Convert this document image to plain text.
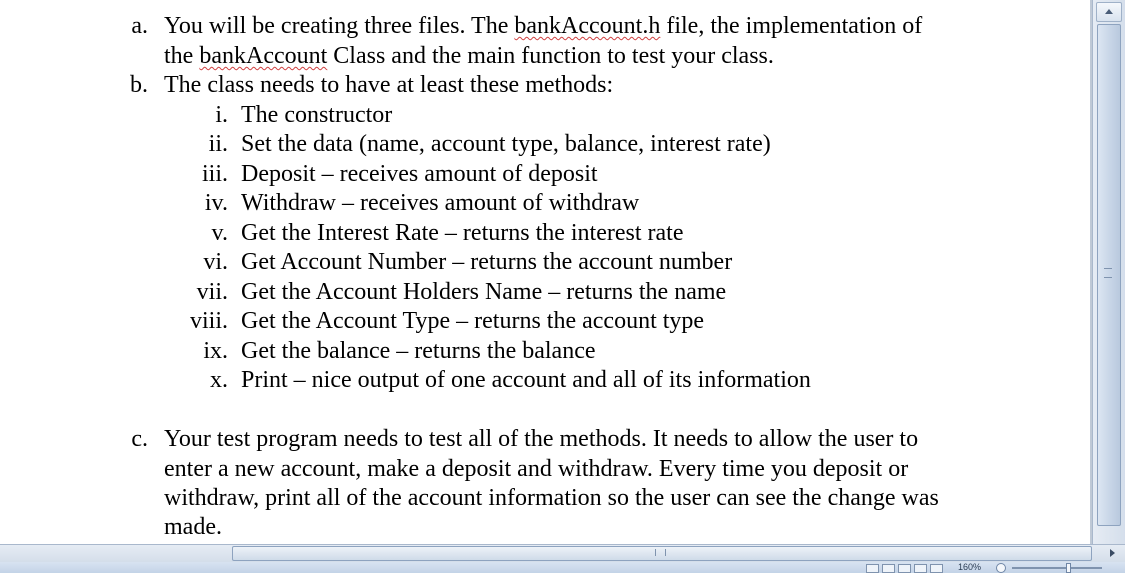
a. You will be creating three files. The bankAccount.h file, the implementation of
the bankAccount Class and the main function to test your class.
b. The class needs to have at least these methods:
i. The constructor
ii. Set the data (name, account type, balance, interest rate)
iii. Deposit – receives amount of deposit
iv. Withdraw – receives amount of withdraw
v. Get the Interest Rate – returns the interest rate
vi. Get Account Number – returns the account number
vii. Get the Account Holders Name – returns the name
viii. Get the Account Type – returns the account type
ix. Get the balance – returns the balance
x. Print – nice output of one account and all of its information
c. Your test program needs to test all of the methods. It needs to allow the user to
enter a new account, make a deposit and withdraw. Every time you deposit or
withdraw, print all of the account information so the user can see the change was
made.
160%
